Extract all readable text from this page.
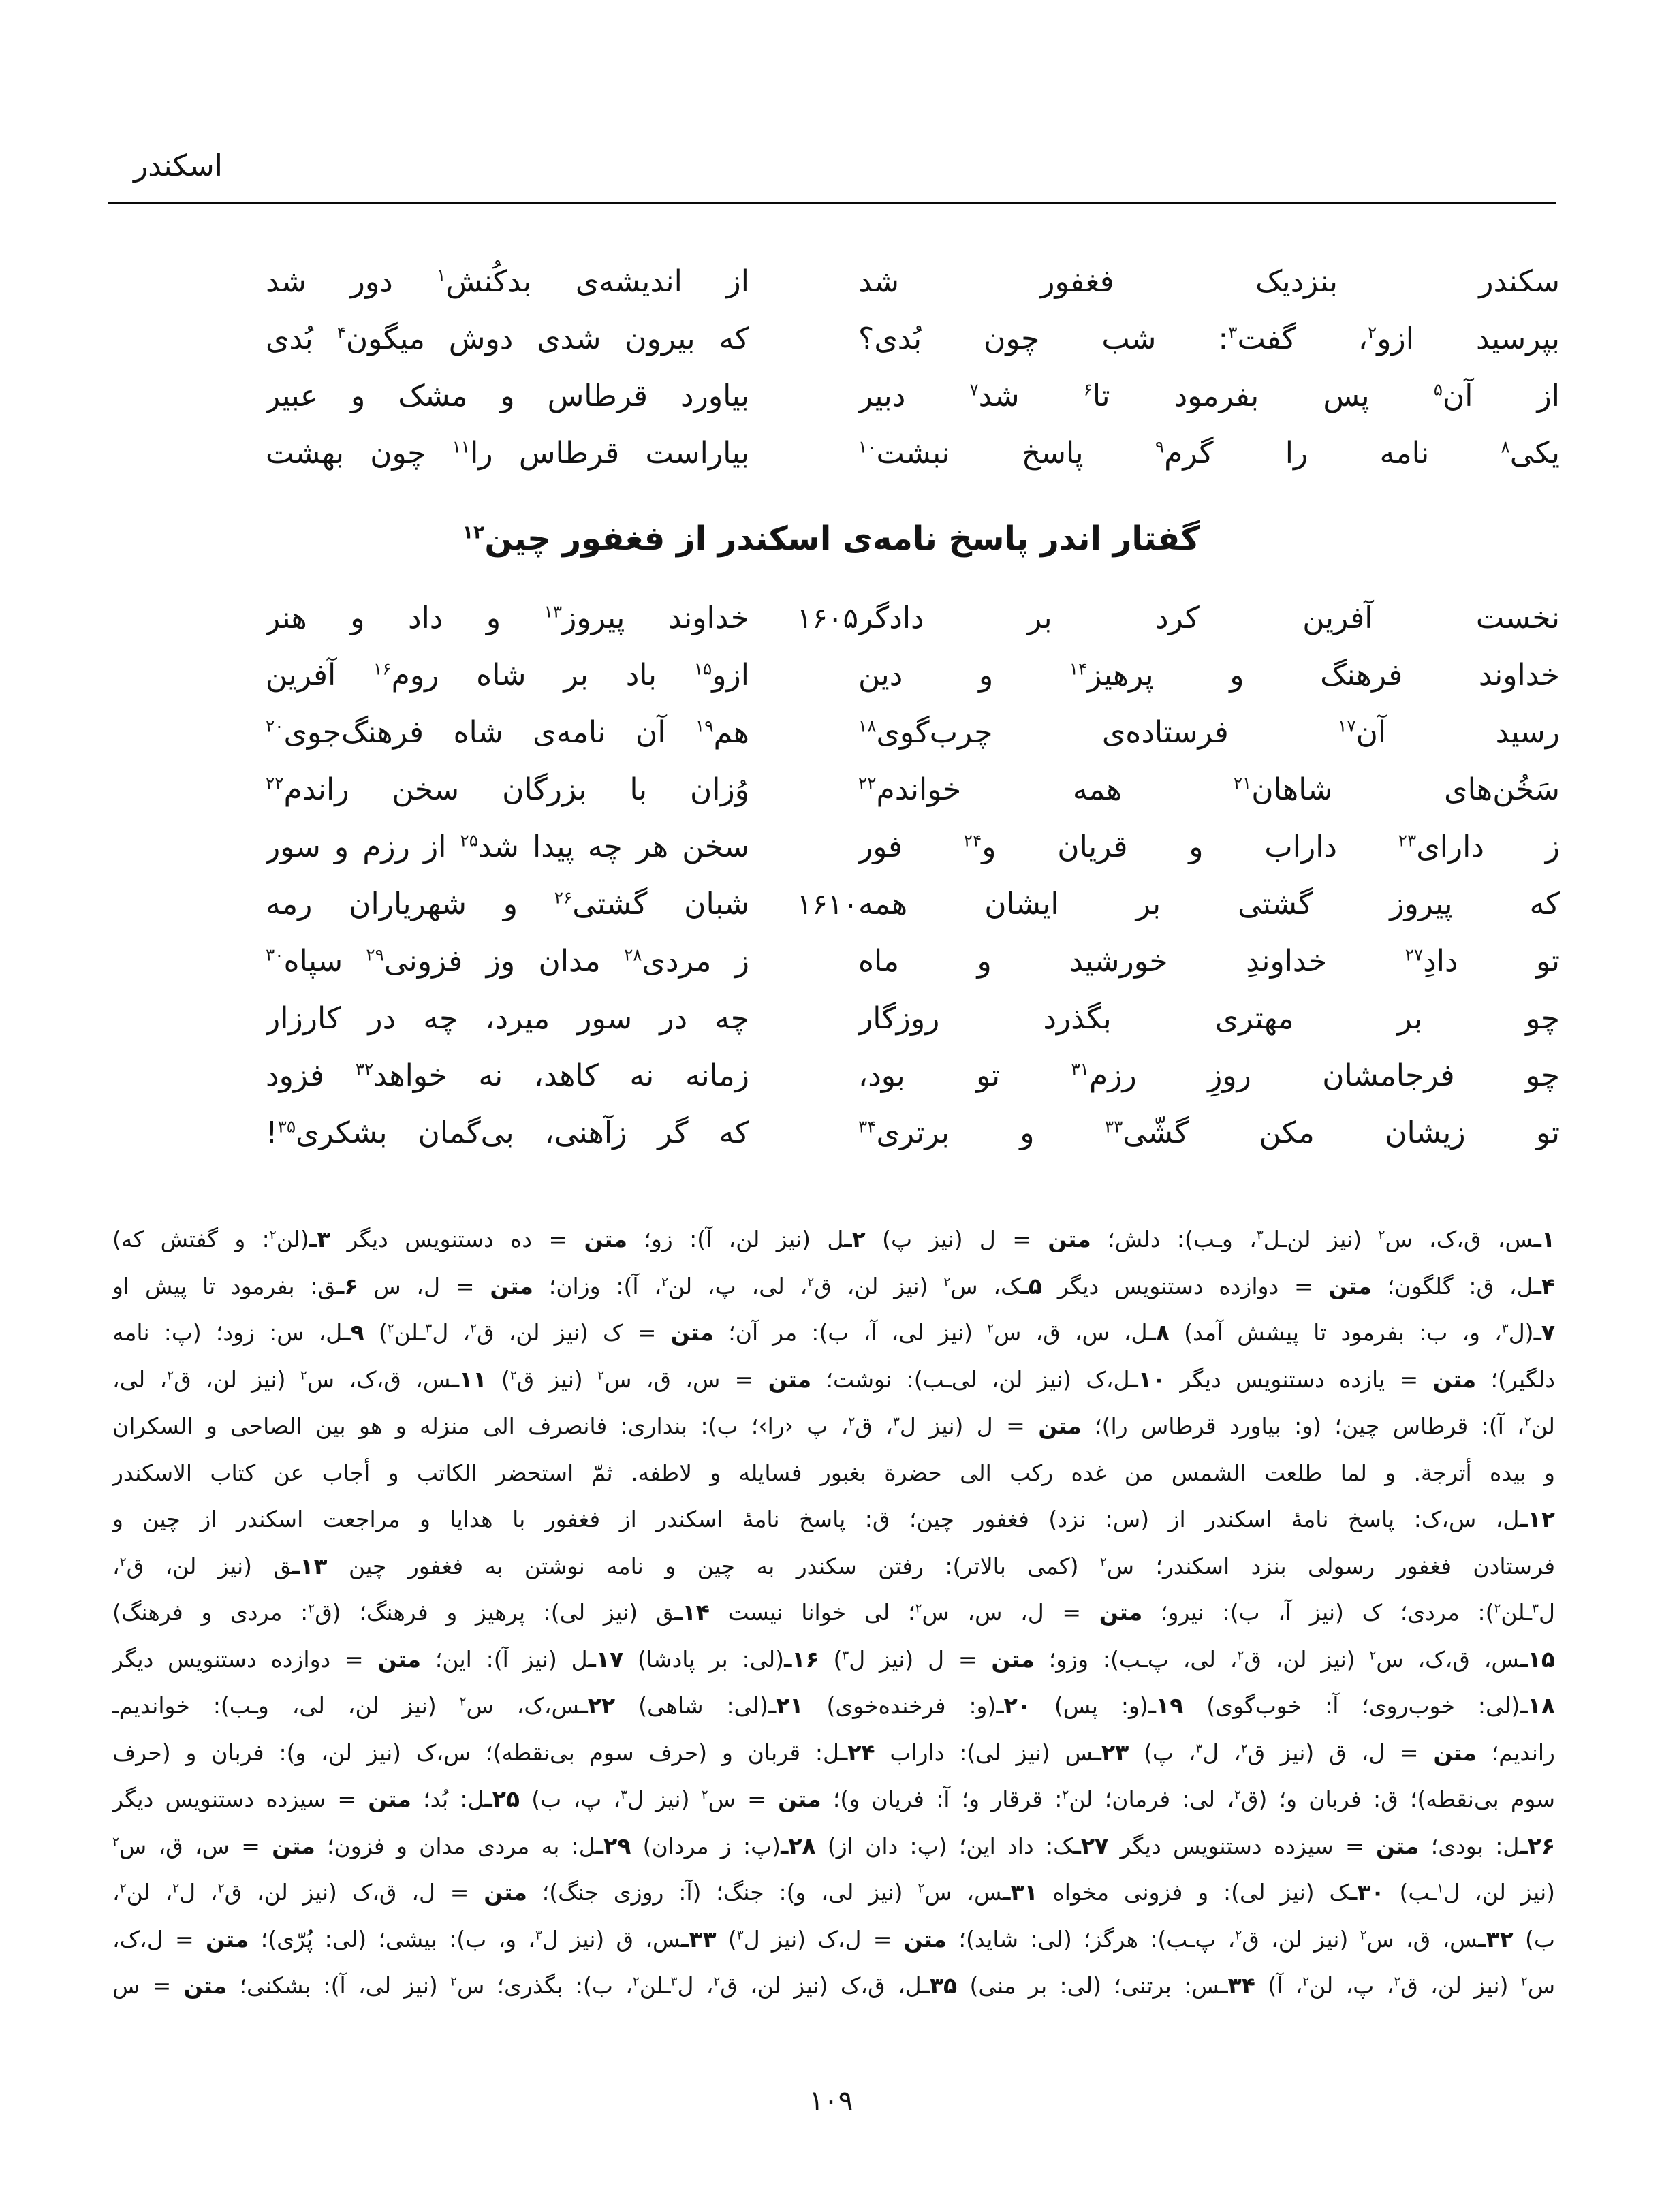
اسکندر
سکندر بنزدیک فغفور شد
از اندیشه‌ی بدکُنش$^۱$ دور شد
بپرسید ازو$^۲$، گفت$^۳$: شب چون بُدی؟
که بیرون شدی دوش میگون$^۴$ بُدی
از آن$^۵$ پس بفرمود تا$^۶$ شد$^۷$ دبیر
بیاورد قرطاس و مشک و عبیر
یکی$^۸$ نامه را گرم$^۹$ پاسخ نبشت$^{۱۰}$
بیاراست قرطاس را$^{۱۱}$ چون بهشت
گفتار اندر پاسخ نامه‌ی اسکندر از فغفور چین$^{۱۲}$
نخست آفرین کرد بر دادگر
۱۶۰۵
خداوند پیروز$^{۱۳}$ و داد و هنر
خداوند فرهنگ و پرهیز$^{۱۴}$ و دین
ازو$^{۱۵}$ باد بر شاه روم$^{۱۶}$ آفرین
رسید آن$^{۱۷}$ فرستاده‌ی چرب‌گوی$^{۱۸}$
هم$^{۱۹}$ آن نامه‌ی شاه فرهنگ‌جوی$^{۲۰}$
سَخُن‌های شاهان$^{۲۱}$ همه خواندم$^{۲۲}$
وُزان با بزرگان سخن راندم$^{۲۲}$
ز دارای$^{۲۳}$ داراب و قریان و$^{۲۴}$ فور
سخن هر چه پیدا شد$^{۲۵}$ از رزم و سور
که پیروز گشتی بر ایشان همه
۱۶۱۰
شبان گشتی$^{۲۶}$ و شهریاران رمه
تو دادِ$^{۲۷}$ خداوندِ خورشید و ماه
ز مردی$^{۲۸}$ مدان وز فزونی$^{۲۹}$ سپاه$^{۳۰}$
چو بر مهتری بگذرد روزگار
چه در سور میرد، چه در کارزار
چو فرجامشان روزِ رزم$^{۳۱}$ تو بود،
زمانه نه کاهد، نه خواهد$^{۳۲}$ فزود
تو زیشان مکن گشّی$^{۳۳}$ و برتری$^{۳۴}$
که گر زآهنی، بی‌گمان بشکری$^{۳۵}$!
۱ـس، ق،ک، س$^۲$ (نیز لن‌ـل$^۳$، وـب): دلش؛ متن = ل (نیز پ) ۲ـل (نیز لن، آ): زو؛ متن = ده دستنویس دیگر ۳ـ(لن$^۲$: و گفتش که)
۴ـل، ق: گلگون؛ متن = دوازده دستنویس دیگر ۵ـک، س$^۲$ (نیز لن، ق$^۲$، لی، پ، لن$^۲$، آ): وزان؛ متن = ل، س ۶ـق: بفرمود تا پیش او
۷ـ(ل$^۳$، و، ب: بفرمود تا پیشش آمد) ۸ـل، س، ق، س$^۲$ (نیز لی، آ، ب): مر آن؛ متن = ک (نیز لن، ق$^۲$، ل$^۳$ـلن$^۲$) ۹ـل، س: زود؛ (پ: نامه
دلگیر)؛ متن = یازده دستنویس دیگر ۱۰ـل،ک (نیز لن، لی‌ـب): نوشت؛ متن = س، ق، س$^۲$ (نیز ق$^۲$) ۱۱ـس، ق،ک، س$^۲$ (نیز لن، ق$^۲$، لی،
لن$^۲$، آ): قرطاس چین؛ (و: بیاورد قرطاس را)؛ متن = ل (نیز ل$^۳$، ق$^۲$، پ ‹را›؛ ب): بنداری: فانصرف الی منزله و هو بین الصاحی و السکران
و بیده أترجة. و لما طلعت الشمس من غده رکب الی حضرة بغبور فسایله و لاطفه. ثمّ استحضر الکاتب و أجاب عن کتاب الاسکندر
۱۲ـل، س،ک: پاسخ نامهٔ اسکندر از (س: نزد) فغفور چین؛ ق: پاسخ نامهٔ اسکندر از فغفور با هدایا و مراجعت اسکندر از چین و
فرستادن فغفور رسولی بنزد اسکندر؛ س$^۲$ (کمی بالاتر): رفتن سکندر به چین و نامه نوشتن به فغفور چین ۱۳ـق (نیز لن، ق$^۲$،
ل$^۳$ـلن$^۲$): مردی؛ ک (نیز آ، ب): نیرو؛ متن = ل، س، س$^۲$؛ لی خوانا نیست ۱۴ـق (نیز لی): پرهیز و فرهنگ؛ (ق$^۲$: مردی و فرهنگ)
۱۵ـس، ق،ک، س$^۲$ (نیز لن، ق$^۲$، لی، پ‌ـب): وزو؛ متن = ل (نیز ل$^۳$) ۱۶ـ(لی: بر پادشا) ۱۷ـل (نیز آ): این؛ متن = دوازده دستنویس دیگر
۱۸ـ(لی: خوب‌روی؛ آ: خوب‌گوی) ۱۹ـ(و: پس) ۲۰ـ(و: فرخنده‌خوی) ۲۱ـ(لی: شاهی) ۲۲ـس،ک، س$^۲$ (نیز لن، لی، وـب): خواندیم‌ـ
راندیم؛ متن = ل، ق (نیز ق$^۲$، ل$^۳$، پ) ۲۳ـس (نیز لی): داراب ۲۴ـل: قربان و (حرف سوم بی‌نقطه)؛ س،ک (نیز لن، و): فربان و (حرف
سوم بی‌نقطه)؛ ق: فربان و؛ (ق$^۲$، لی: فرمان؛ لن$^۲$: قرقار و؛ آ: فریان و)؛ متن = س$^۲$ (نیز ل$^۳$، پ، ب) ۲۵ـل: بُد؛ متن = سیزده دستنویس دیگر
۲۶ـل: بودی؛ متن = سیزده دستنویس دیگر ۲۷ـک: داد این؛ (پ: دان از) ۲۸ـ(پ: ز مردان) ۲۹ـل: به مردی مدان و فزون؛ متن = س، ق، س$^۲$
(نیز لن، ل$^۱$ـب) ۳۰ـک (نیز لی): و فزونی مخواه ۳۱ـس، س$^۲$ (نیز لی، و): جنگ؛ (آ: روزی جنگ)؛ متن = ل، ق،ک (نیز لن، ق$^۲$، ل$^۲$، لن$^۲$،
ب) ۳۲ـس، ق، س$^۲$ (نیز لن، ق$^۲$، پ‌ـب): هرگز؛ (لی: شاید)؛ متن = ل،ک (نیز ل$^۳$) ۳۳ـس، ق (نیز ل$^۳$، و، ب): بیشی؛ (لی: پُرّی)؛ متن = ل،ک،
س$^۲$ (نیز لن، ق$^۲$، پ، لن$^۲$، آ) ۳۴ـس: برتنی؛ (لی: بر منی) ۳۵ـل، ق،ک (نیز لن، ق$^۲$، ل$^۳$ـلن$^۲$، ب): بگذری؛ س$^۲$ (نیز لی، آ): بشکنی؛ متن = س
۱۰۹
